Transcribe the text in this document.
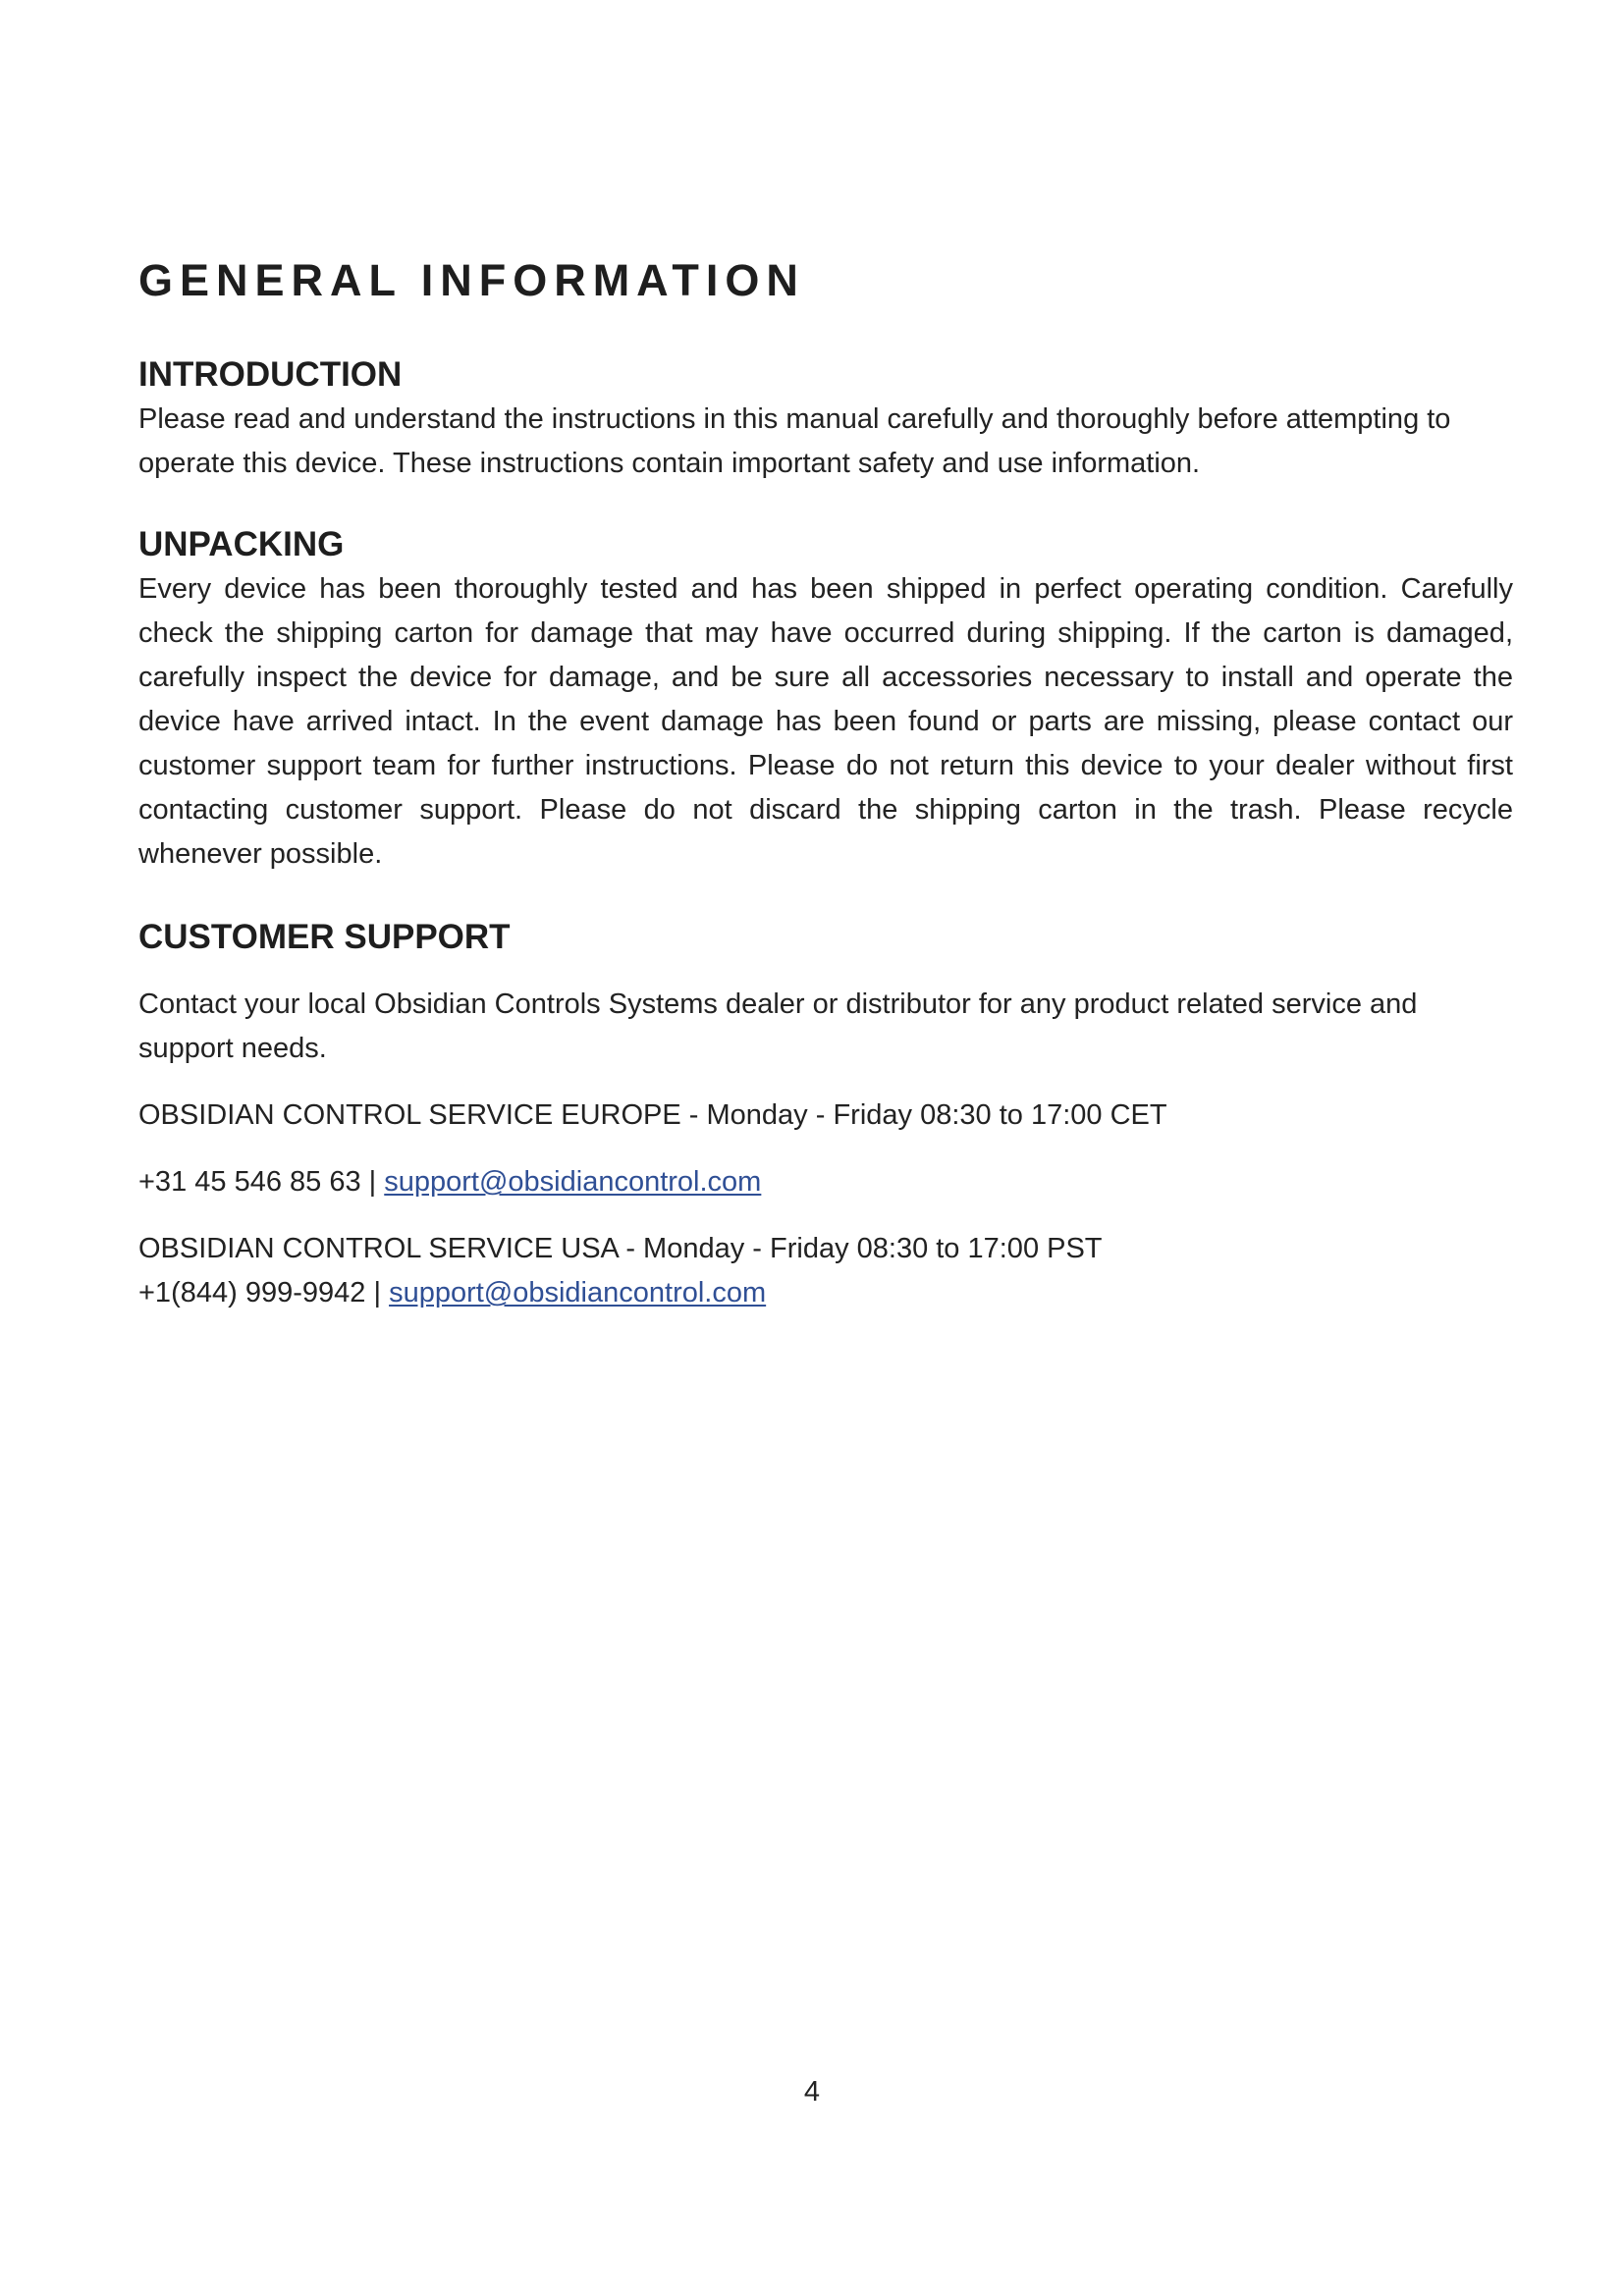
GENERAL INFORMATION
INTRODUCTION

Please read and understand the instructions in this manual carefully and thoroughly before attempting to operate this device. These instructions contain important safety and use information.

UNPACKING

Every device has been thoroughly tested and has been shipped in perfect operating condition. Carefully check the shipping carton for damage that may have occurred during shipping. If the carton is damaged, carefully inspect the device for damage, and be sure all accessories necessary to install and operate the device have arrived intact. In the event damage has been found or parts are missing, please contact our customer support team for further instructions. Please do not return this device to your dealer without first contacting customer support. Please do not discard the shipping carton in the trash. Please recycle whenever possible.

CUSTOMER SUPPORT

Contact your local Obsidian Controls Systems dealer or distributor for any product related service and support needs.

OBSIDIAN CONTROL SERVICE EUROPE - Monday - Friday 08:30 to 17:00 CET

+31 45 546 85 63 | support@obsidiancontrol.com

OBSIDIAN CONTROL SERVICE USA - Monday - Friday 08:30 to 17:00 PST

+1(844) 999-9942 | support@obsidiancontrol.com

4
